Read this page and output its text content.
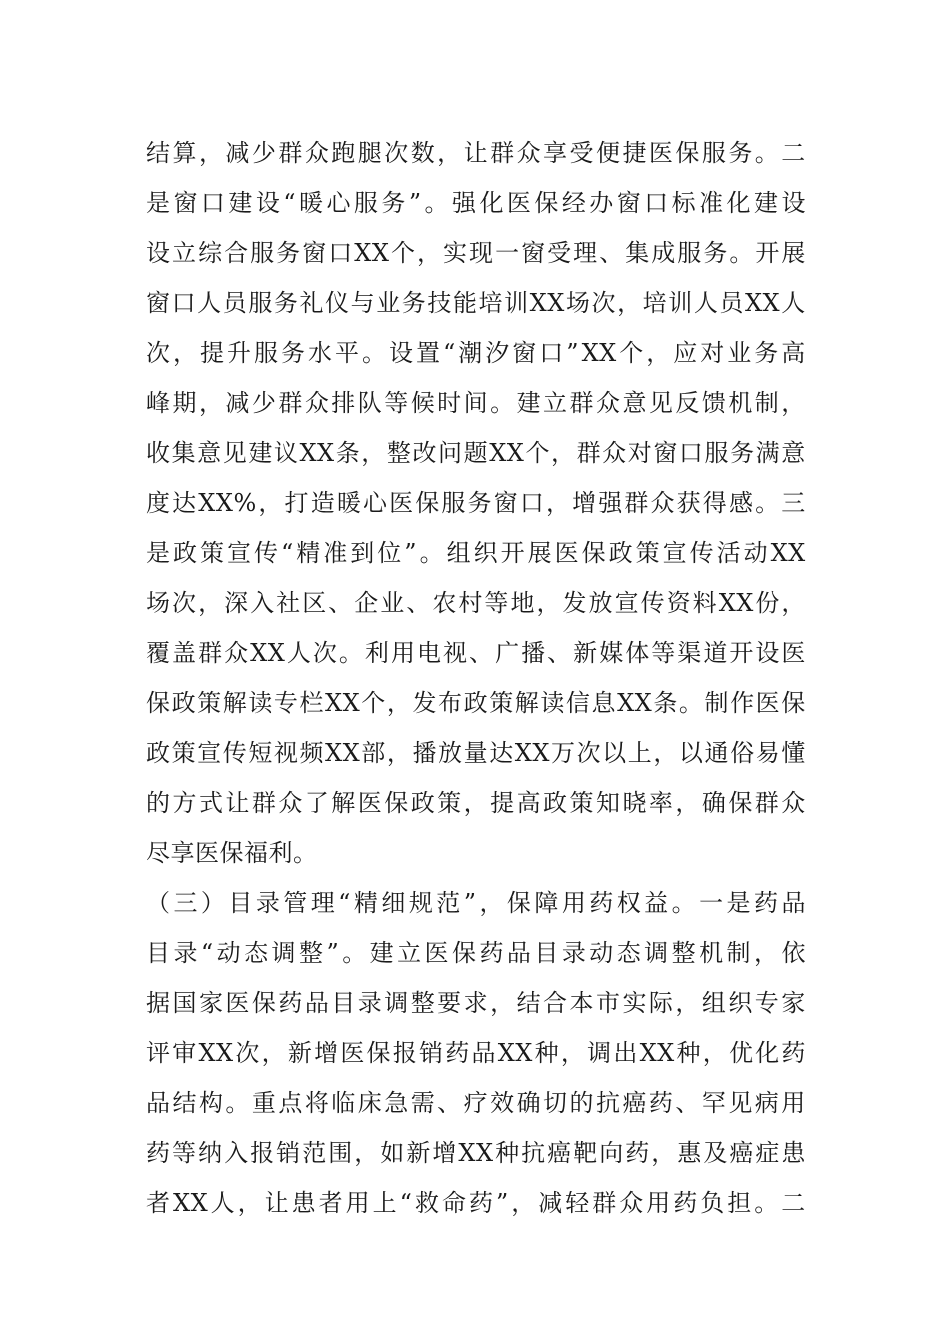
结 算 ， 减 少 群 众 跑 腿 次 数 ， 让 群 众 享 受 便 捷 医 保 服 务 。 二
是 窗 口 建 设 “ 暖 心 服 务 ” 。 强 化 医 保 经 办 窗 口 标 准 化 建 设
设 立 综 合 服 务 窗 口 XX 个 ， 实 现 一 窗 受 理 、 集 成 服 务 。 开 展
窗 口 人 员 服 务 礼 仪 与 业 务 技 能 培 训 XX 场 次 ， 培 训 人 员 XX 人
次 ， 提 升 服 务 水 平 。 设 置 “ 潮 汐 窗 口 ” XX 个 ， 应 对 业 务 高
峰 期 ， 减 少 群 众 排 队 等 候 时 间 。 建 立 群 众 意 见 反 馈 机 制 ，
收 集 意 见 建 议 XX 条 ， 整 改 问 题 XX 个 ， 群 众 对 窗 口 服 务 满 意
度 达 XX% ， 打 造 暖 心 医 保 服 务 窗 口 ， 增 强 群 众 获 得 感 。 三
是 政 策 宣 传 “ 精 准 到 位 ” 。 组 织 开 展 医 保 政 策 宣 传 活 动 XX
场 次 ， 深 入 社 区 、 企 业 、 农 村 等 地 ， 发 放 宣 传 资 料 XX 份 ，
覆 盖 群 众 XX 人 次 。 利 用 电 视 、 广 播 、 新 媒 体 等 渠 道 开 设 医
保 政 策 解 读 专 栏 XX 个 ， 发 布 政 策 解 读 信 息 XX 条 。 制 作 医 保
政 策 宣 传 短 视 频 XX 部 ， 播 放 量 达 XX 万 次 以 上 ， 以 通 俗 易 懂
的 方 式 让 群 众 了 解 医 保 政 策 ， 提 高 政 策 知 晓 率 ， 确 保 群 众
尽享医保福利。
（ 三 ） 目 录 管 理 “ 精 细 规 范 ” ， 保 障 用 药 权 益 。 一 是 药 品
目 录 “ 动 态 调 整 ” 。 建 立 医 保 药 品 目 录 动 态 调 整 机 制 ， 依
据 国 家 医 保 药 品 目 录 调 整 要 求 ， 结 合 本 市 实 际 ， 组 织 专 家
评 审 XX 次 ， 新 增 医 保 报 销 药 品 XX 种 ， 调 出 XX 种 ， 优 化 药
品 结 构 。 重 点 将 临 床 急 需 、 疗 效 确 切 的 抗 癌 药 、 罕 见 病 用
药 等 纳 入 报 销 范 围 ， 如 新 增 XX 种 抗 癌 靶 向 药 ， 惠 及 癌 症 患
者 XX 人 ， 让 患 者 用 上 “ 救 命 药 ” ， 减 轻 群 众 用 药 负 担 。 二
